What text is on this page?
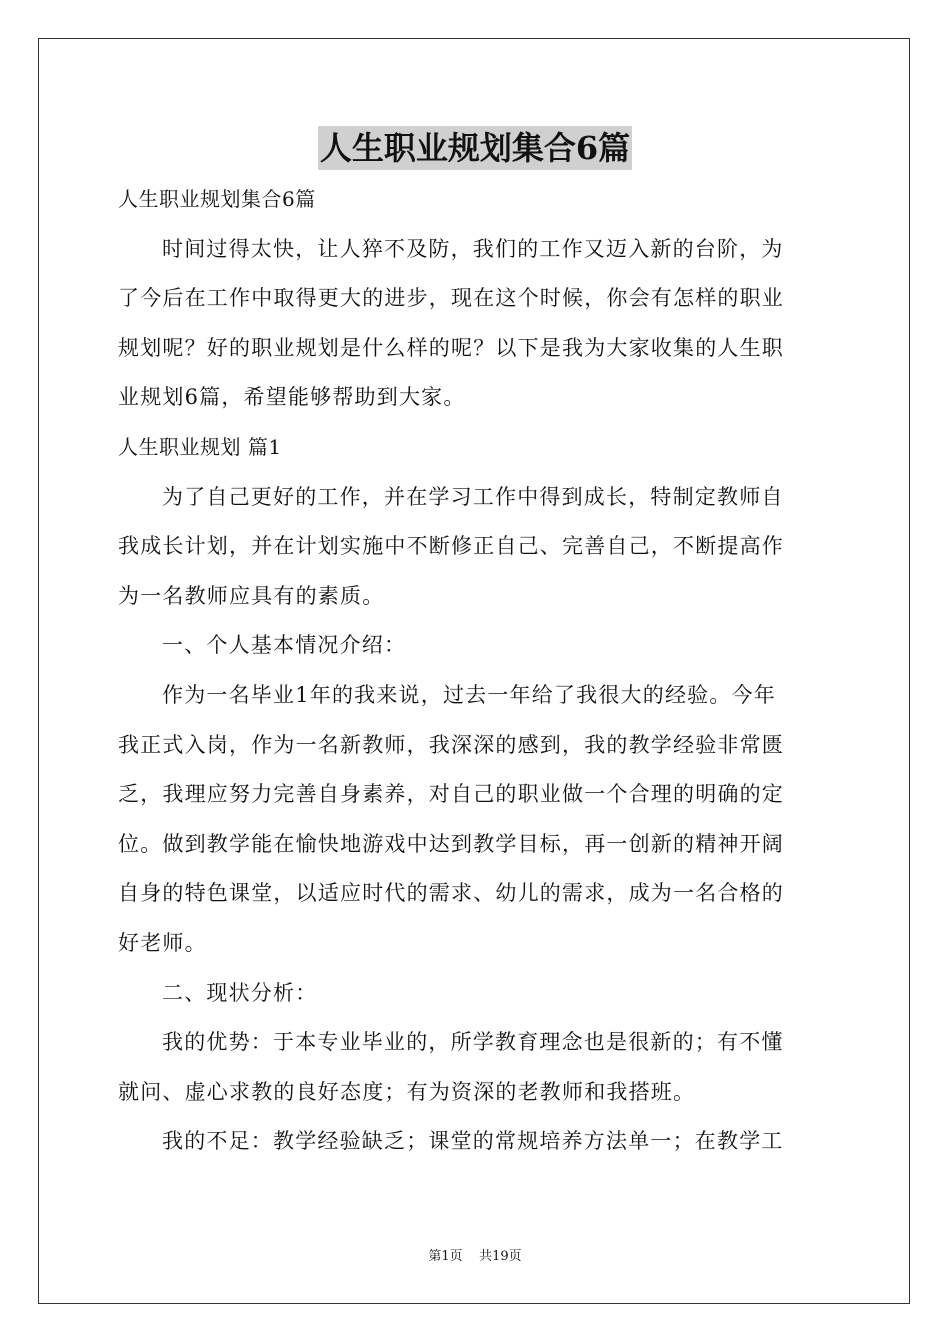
人生职业规划集合6篇
人生职业规划集合6篇
时间过得太快，让人猝不及防，我们的工作又迈入新的台阶，为
了今后在工作中取得更大的进步，现在这个时候，你会有怎样的职业
规划呢？好的职业规划是什么样的呢？以下是我为大家收集的人生职
业规划6篇，希望能够帮助到大家。
人生职业规划 篇1
为了自己更好的工作，并在学习工作中得到成长，特制定教师自
我成长计划，并在计划实施中不断修正自己、完善自己，不断提高作
为一名教师应具有的素质。
一、个人基本情况介绍：
作为一名毕业1年的我来说，过去一年给了我很大的经验。今年
我正式入岗，作为一名新教师，我深深的感到，我的教学经验非常匮
乏，我理应努力完善自身素养，对自己的职业做一个合理的明确的定
位。做到教学能在愉快地游戏中达到教学目标，再一创新的精神开阔
自身的特色课堂，以适应时代的需求、幼儿的需求，成为一名合格的
好老师。
二、现状分析：
我的优势：于本专业毕业的，所学教育理念也是很新的；有不懂
就问、虚心求教的良好态度；有为资深的老教师和我搭班。
我的不足：教学经验缺乏；课堂的常规培养方法单一；在教学工
第1页 共19页
